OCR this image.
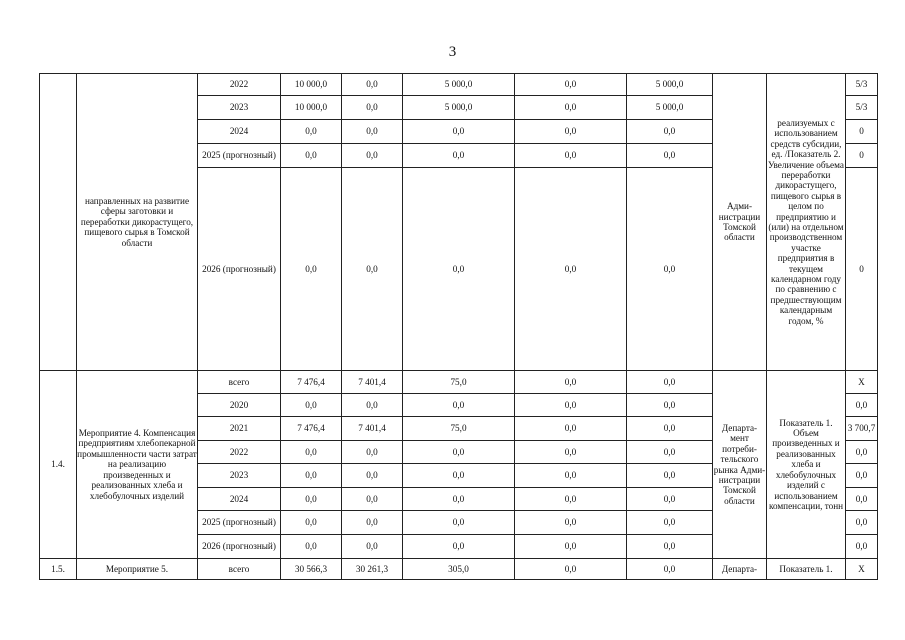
3
	направленных на развитие сферы заготовки и переработки дикорастущего, пищевого сырья в Томской области	2022	10 000,0	0,0	5 000,0	0,0	5 000,0	Адми-нистрации Томской области	реализуемых с использованием средств субсидии, ед. /Показатель 2. Увеличение объема переработки дикорастущего, пищевого сырья в целом по предприятию и (или) на отдельном производственном участке предприятия в текущем календарном году по сравнению с предшествующим календарным годом, %	5/3
		2023	10 000,0	0,0	5 000,0	0,0	5 000,0			5/3
		2024	0,0	0,0	0,0	0,0	0,0			0
		2025 (прогнозный)	0,0	0,0	0,0	0,0	0,0			0
		2026 (прогнозный)	0,0	0,0	0,0	0,0	0,0			0
1.4.	Мероприятие 4. Компенсация предприятиям хлебопекарной промышленности части затрат на реализацию произведенных и реализованных хлеба и хлебобулочных изделий	всего	7 476,4	7 401,4	75,0	0,0	0,0	Департа-мент потреби-тельского рынка Адми-нистрации Томской области	Показатель 1. Объем произведенных и реализованных хлеба и хлебобулочных изделий с использованием компенсации, тонн	X
		2020	0,0	0,0	0,0	0,0	0,0			0,0
		2021	7 476,4	7 401,4	75,0	0,0	0,0			3 700,7
		2022	0,0	0,0	0,0	0,0	0,0			0,0
		2023	0,0	0,0	0,0	0,0	0,0			0,0
		2024	0,0	0,0	0,0	0,0	0,0			0,0
		2025 (прогнозный)	0,0	0,0	0,0	0,0	0,0			0,0
		2026 (прогнозный)	0,0	0,0	0,0	0,0	0,0			0,0
1.5.	Мероприятие 5.	всего	30 566,3	30 261,3	305,0	0,0	0,0	Департа-	Показатель 1.	X
